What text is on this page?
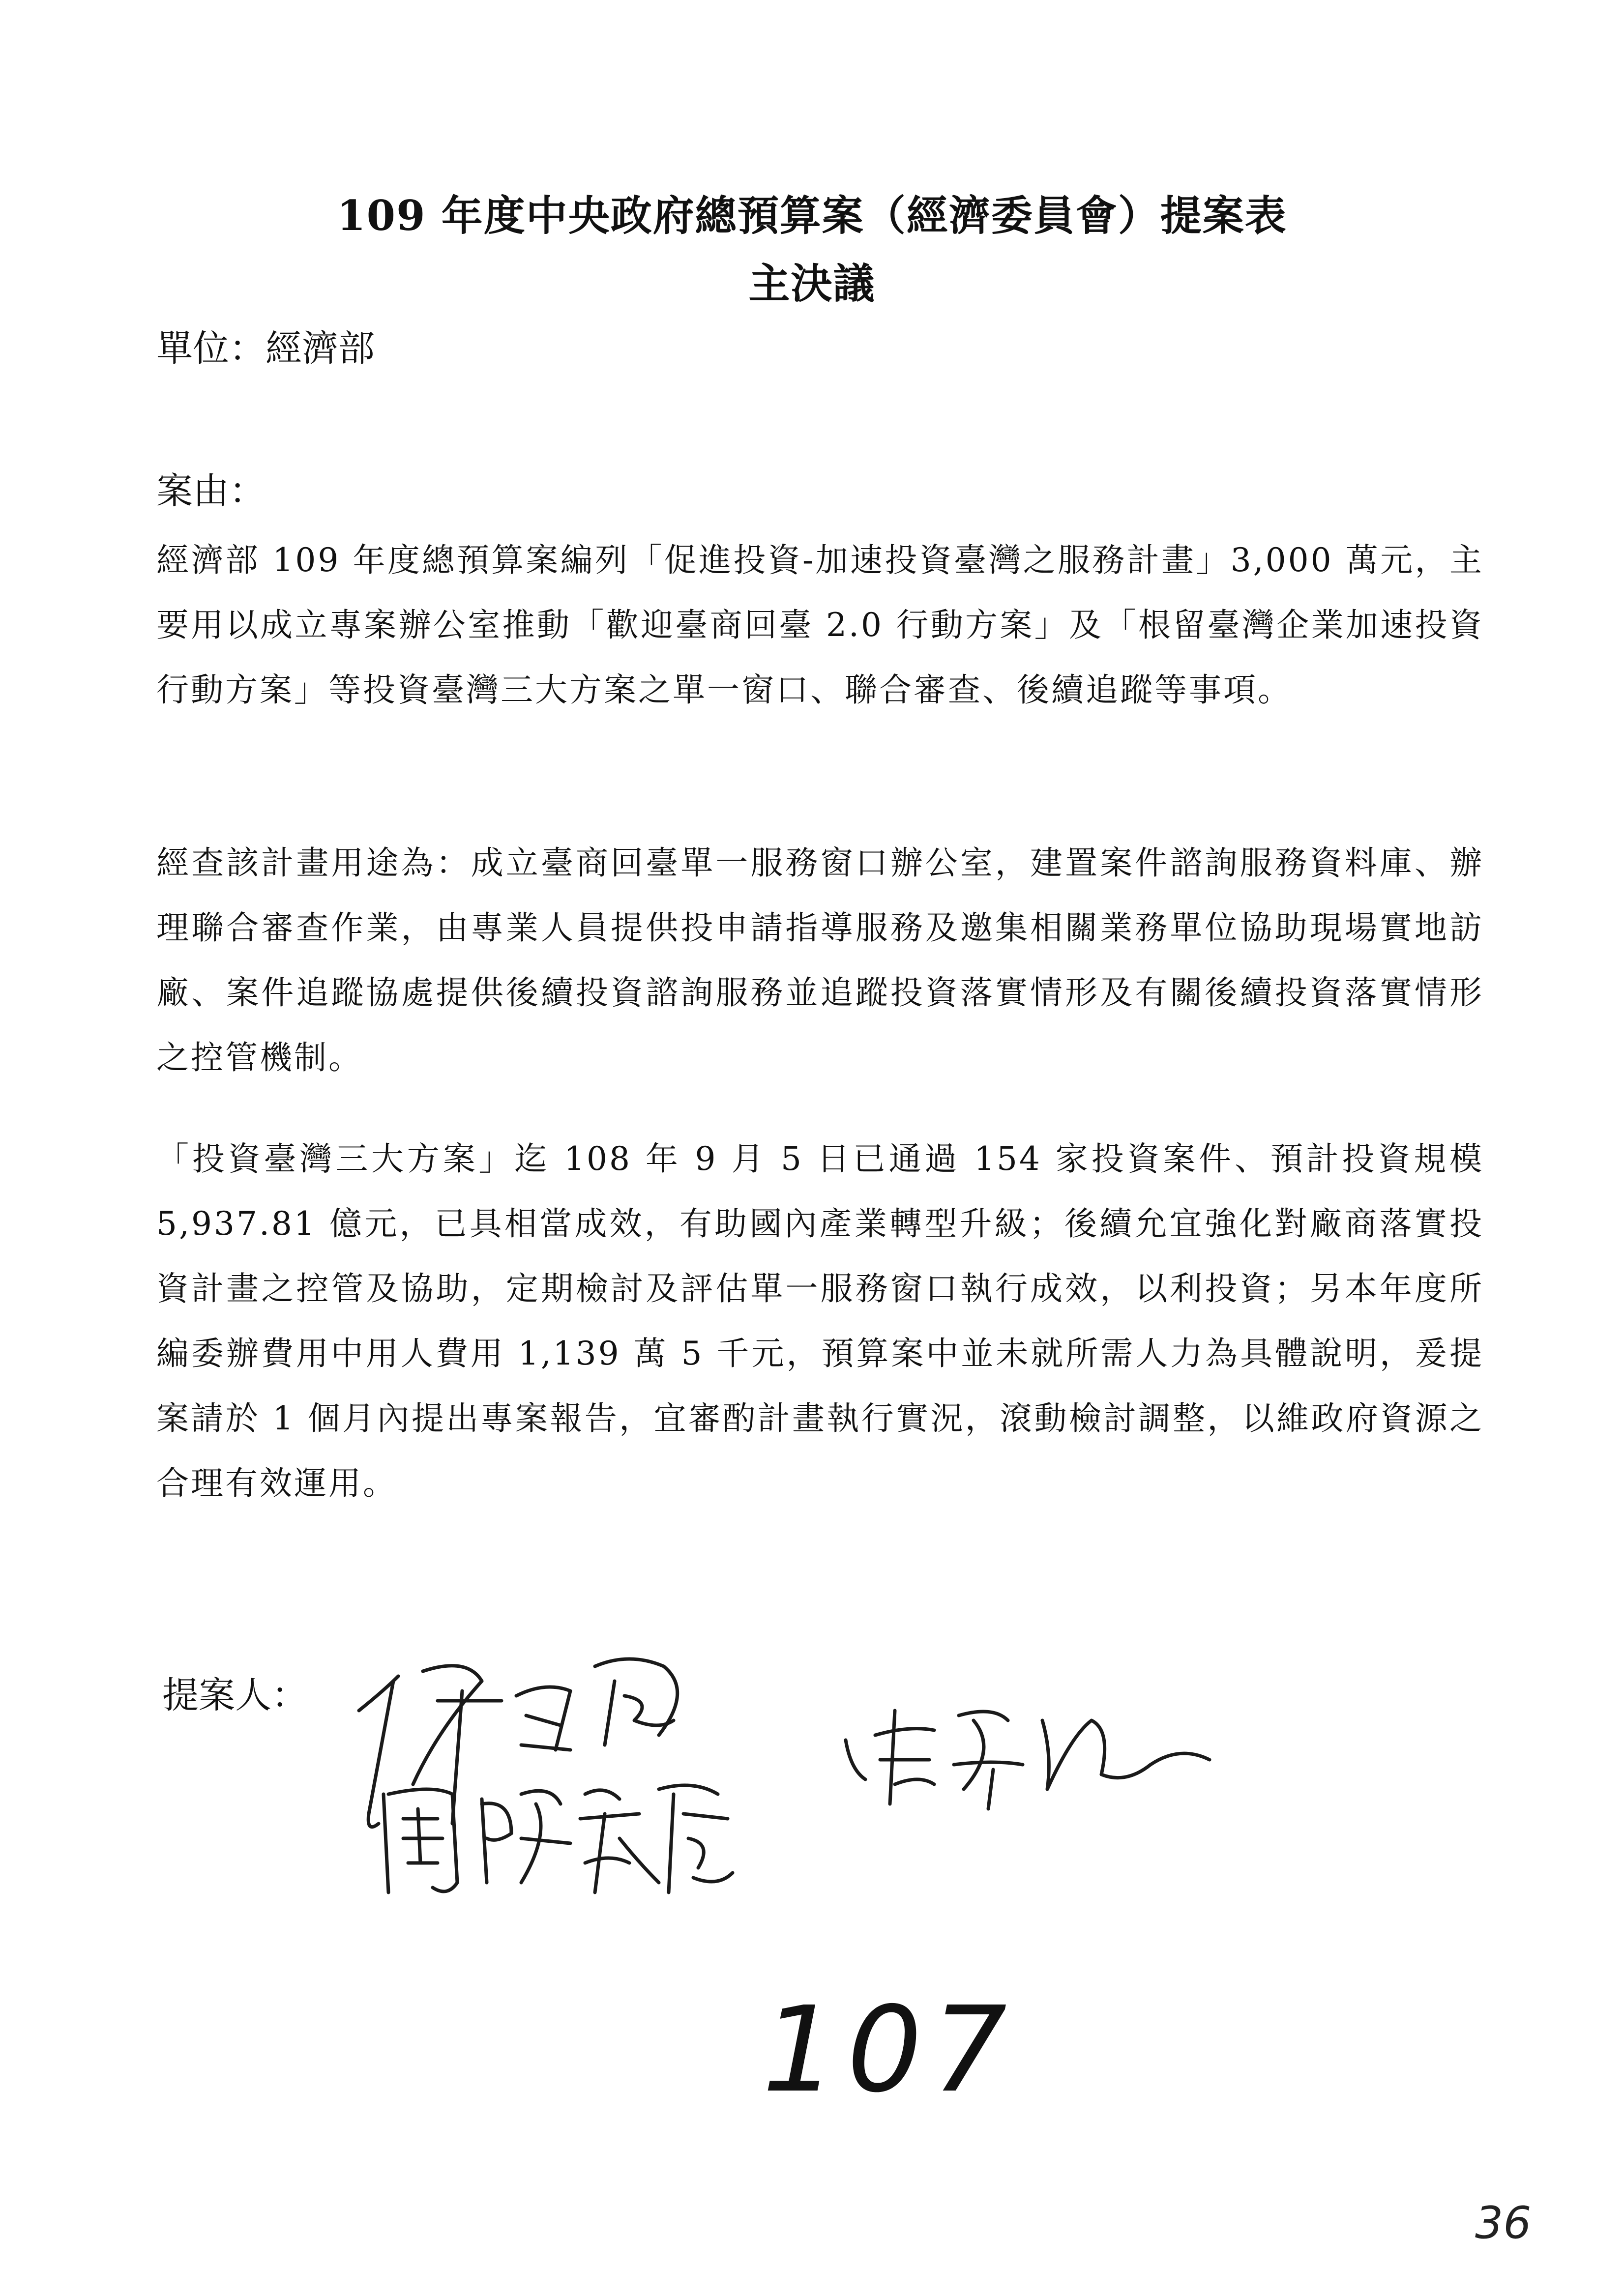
109 年度中央政府總預算案（經濟委員會）提案表
主決議
單位：經濟部
案由：
經濟部 109 年度總預算案編列「促進投資-加速投資臺灣之服務計畫」3,000 萬元，主要用以成立專案辦公室推動「歡迎臺商回臺 2.0 行動方案」及「根留臺灣企業加速投資行動方案」等投資臺灣三大方案之單一窗口、聯合審查、後續追蹤等事項。
經查該計畫用途為：成立臺商回臺單一服務窗口辦公室，建置案件諮詢服務資料庫、辦理聯合審查作業，由專業人員提供投申請指導服務及邀集相關業務單位協助現場實地訪廠、案件追蹤協處提供後續投資諮詢服務並追蹤投資落實情形及有關後續投資落實情形之控管機制。
「投資臺灣三大方案」迄 108 年 9 月 5 日已通過 154 家投資案件、預計投資規模 5,937.81 億元，已具相當成效，有助國內產業轉型升級；後續允宜強化對廠商落實投資計畫之控管及協助，定期檢討及評估單一服務窗口執行成效，以利投資；另本年度所編委辦費用中用人費用 1,139 萬 5 千元，預算案中並未就所需人力為具體說明，爰提案請於 1 個月內提出專案報告，宜審酌計畫執行實況，滾動檢討調整，以維政府資源之合理有效運用。
提案人：
107
36
